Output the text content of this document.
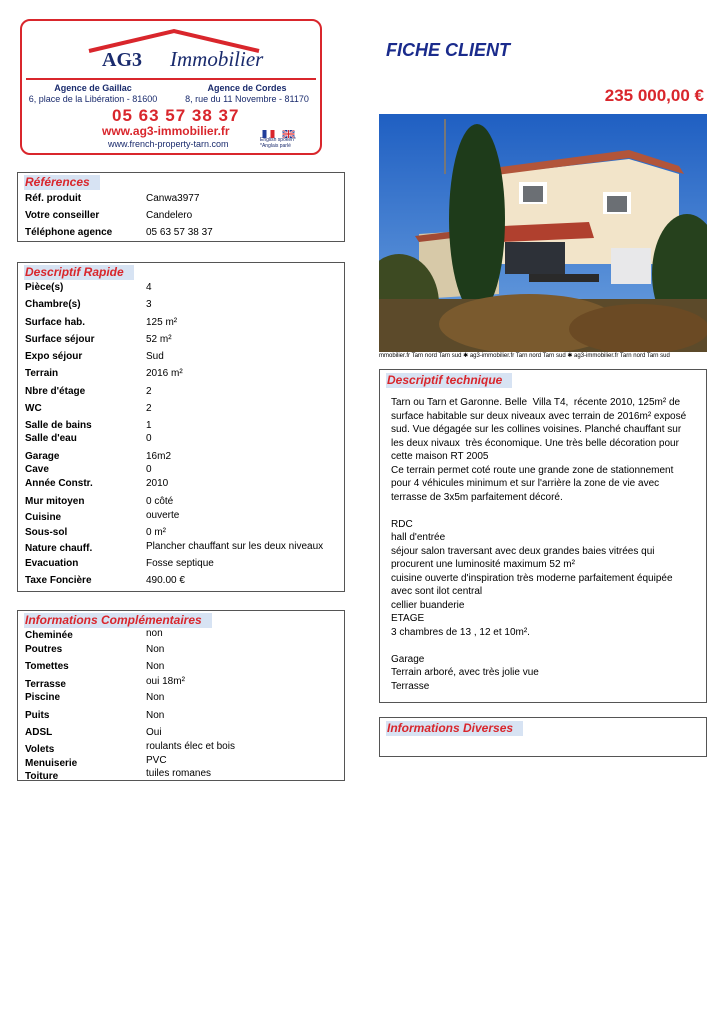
AG3 Immobilier
Agence de Gaillac
6, place de la Libération - 81600
Agence de Cordes
8, rue du 11 Novembre - 81170
05 63 57 38 37
www.ag3-immobilier.fr
www.french-property-tarn.com
	English spoken*
*Anglais parlé
FICHE CLIENT
235 000,00 €
Références
Réf. produit	Canwa3977
Votre conseiller	Candelero
Téléphone agence	05 63 57 38 37
Descriptif Rapide
Pièce(s)	4
Chambre(s)	3
Surface hab.	125 m²
Surface séjour	52 m²
Expo séjour	Sud
Terrain	2016 m²
Nbre d'étage	2
WC	2
Salle de bains	1
Salle d'eau	0
Garage	16m2
Cave	0
Année Constr.	2010
Mur mitoyen	0 côté
Cuisine	ouverte
Sous-sol	0 m²
Nature chauff.	Plancher chauffant sur les deux niveaux
Evacuation	Fosse septique
Taxe Foncière	490.00 €
Informations Complémentaires
Cheminée	non
Poutres	Non
Tomettes	Non
Terrasse	oui 18m²
Piscine	Non
Puits	Non
ADSL	Oui
Volets	roulants élec et bois
Menuiserie	PVC
Toiture	tuiles romanes
mmobilier.fr Tarn nord Tarn sud ✱ ag3-immobilier.fr Tarn nord Tarn sud ✱ ag3-immobilier.fr Tarn nord Tarn sud
Descriptif technique
Tarn ou Tarn et Garonne. Belle  Villa T4,  récente 2010, 125m² de surface habitable sur deux niveaux avec terrain de 2016m² exposé sud. Vue dégagée sur les collines voisines. Planché chauffant sur les deux nivaux  très économique. Une très belle décoration pour cette maison RT 2005
Ce terrain permet coté route une grande zone de stationnement pour 4 véhicules minimum et sur l'arrière la zone de vie avec terrasse de 3x5m parfaitement décoré.

RDC
hall d'entrée
séjour salon traversant avec deux grandes baies vitrées qui procurent une luminosité maximum 52 m²
cuisine ouverte d'inspiration très moderne parfaitement équipée  avec sont ilot central
cellier buanderie
ETAGE
3 chambres de 13 , 12 et 10m².

Garage
Terrain arboré, avec très jolie vue
Terrasse
Informations Diverses
